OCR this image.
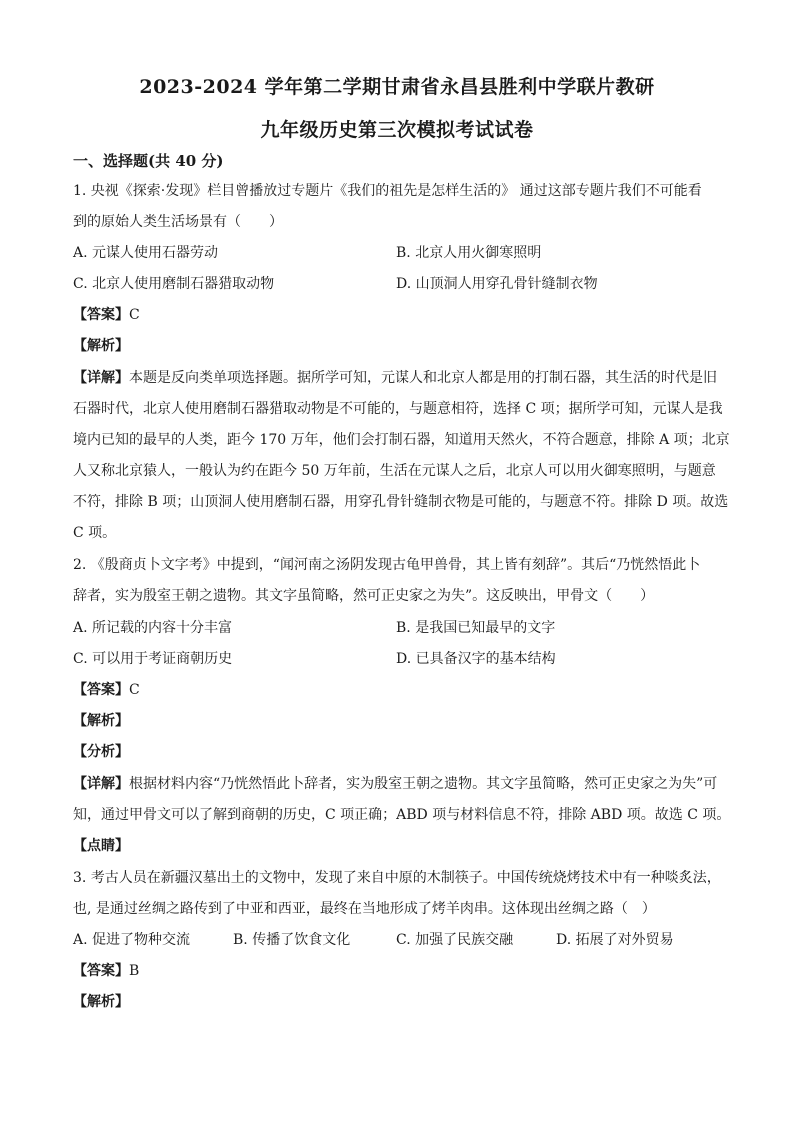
2023-2024 学年第二学期甘肃省永昌县胜利中学联片教研
九年级历史第三次模拟考试试卷
一、选择题(共 40 分)
1. 央视《探索·发现》栏目曾播放过专题片《我们的祖先是怎样生活的》 通过这部专题片我们不可能看
到的原始人类生活场景有（　　）
A. 元谋人使用石器劳动	B. 北京人用火御寒照明
C. 北京人使用磨制石器猎取动物	D. 山顶洞人用穿孔骨针缝制衣物
【答案】C
【解析】
【详解】本题是反向类单项选择题。据所学可知，元谋人和北京人都是用的打制石器，其生活的时代是旧
石器时代，北京人使用磨制石器猎取动物是不可能的，与题意相符，选择 C 项；据所学可知，元谋人是我
境内已知的最早的人类，距今 170 万年，他们会打制石器，知道用天然火，不符合题意，排除 A 项；北京
人又称北京猿人，一般认为约在距今 50 万年前，生活在元谋人之后，北京人可以用火御寒照明，与题意
不符，排除 B 项；山顶洞人使用磨制石器，用穿孔骨针缝制衣物是可能的，与题意不符。排除 D 项。故选
C 项。
2. 《殷商贞卜文字考》中提到，“闻河南之汤阴发现古龟甲兽骨，其上皆有刻辞”。其后“乃恍然悟此卜
辞者，实为殷室王朝之遗物。其文字虽简略，然可正史家之为失”。这反映出，甲骨文（　　）
A. 所记载的内容十分丰富	B. 是我国已知最早的文字
C. 可以用于考证商朝历史	D. 已具备汉字的基本结构
【答案】C
【解析】
【分析】
【详解】根据材料内容“乃恍然悟此卜辞者，实为殷室王朝之遗物。其文字虽简略，然可正史家之为失”可
知，通过甲骨文可以了解到商朝的历史，C 项正确；ABD 项与材料信息不符，排除 ABD 项。故选 C 项。
【点睛】
3. 考古人员在新疆汉墓出土的文物中，发现了来自中原的木制筷子。中国传统烧烤技术中有一种啖炙法，
也, 是通过丝绸之路传到了中亚和西亚，最终在当地形成了烤羊肉串。这体现出丝绸之路（　）
A. 促进了物种交流	B. 传播了饮食文化	C. 加强了民族交融	D. 拓展了对外贸易
【答案】B
【解析】
